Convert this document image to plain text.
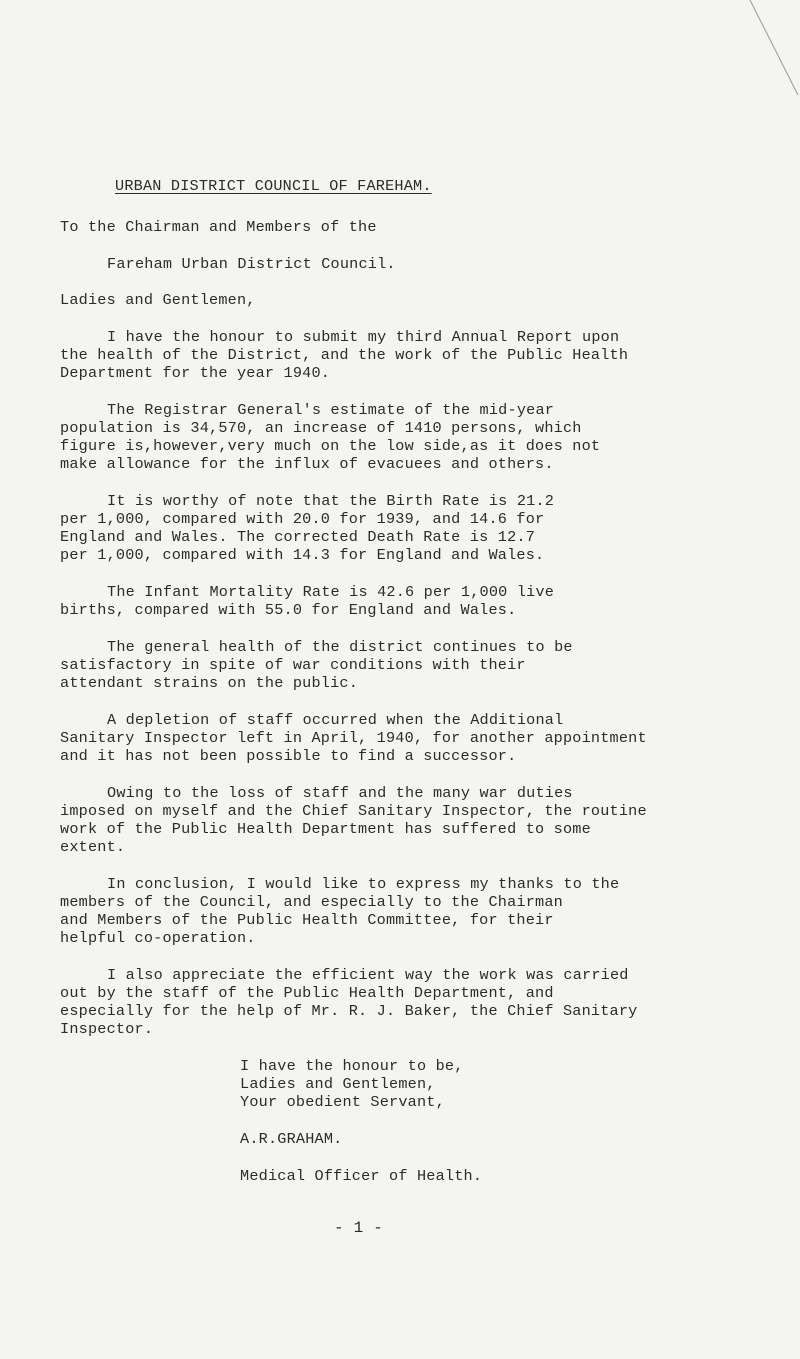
URBAN DISTRICT COUNCIL OF FAREHAM.
To the Chairman and Members of the
Fareham Urban District Council.
Ladies and Gentlemen,
I have the honour to submit my third Annual Report upon
the health of the District, and the work of the Public Health
Department for the year 1940.
The Registrar General's estimate of the mid-year
population is 34,570, an increase of 1410 persons, which
figure is,however,very much on the low side,as it does not
make allowance for the influx of evacuees and others.
It is worthy of note that the Birth Rate is 21.2
per 1,000, compared with 20.0 for 1939, and 14.6 for
England and Wales. The corrected Death Rate is 12.7
per 1,000, compared with 14.3 for England and Wales.
The Infant Mortality Rate is 42.6 per 1,000 live
births, compared with 55.0 for England and Wales.
The general health of the district continues to be
satisfactory in spite of war conditions with their
attendant strains on the public.
A depletion of staff occurred when the Additional
Sanitary Inspector left in April, 1940, for another appointment
and it has not been possible to find a successor.
Owing to the loss of staff and the many war duties
imposed on myself and the Chief Sanitary Inspector, the routine
work of the Public Health Department has suffered to some
extent.
In conclusion, I would like to express my thanks to the
members of the Council, and especially to the Chairman
and Members of the Public Health Committee, for their
helpful co-operation.
I also appreciate the efficient way the work was carried
out by the staff of the Public Health Department, and
especially for the help of Mr. R. J. Baker, the Chief Sanitary
Inspector.
I have the honour to be,
Ladies and Gentlemen,
Your obedient Servant,
A.R.GRAHAM.
Medical Officer of Health.
- 1 -
